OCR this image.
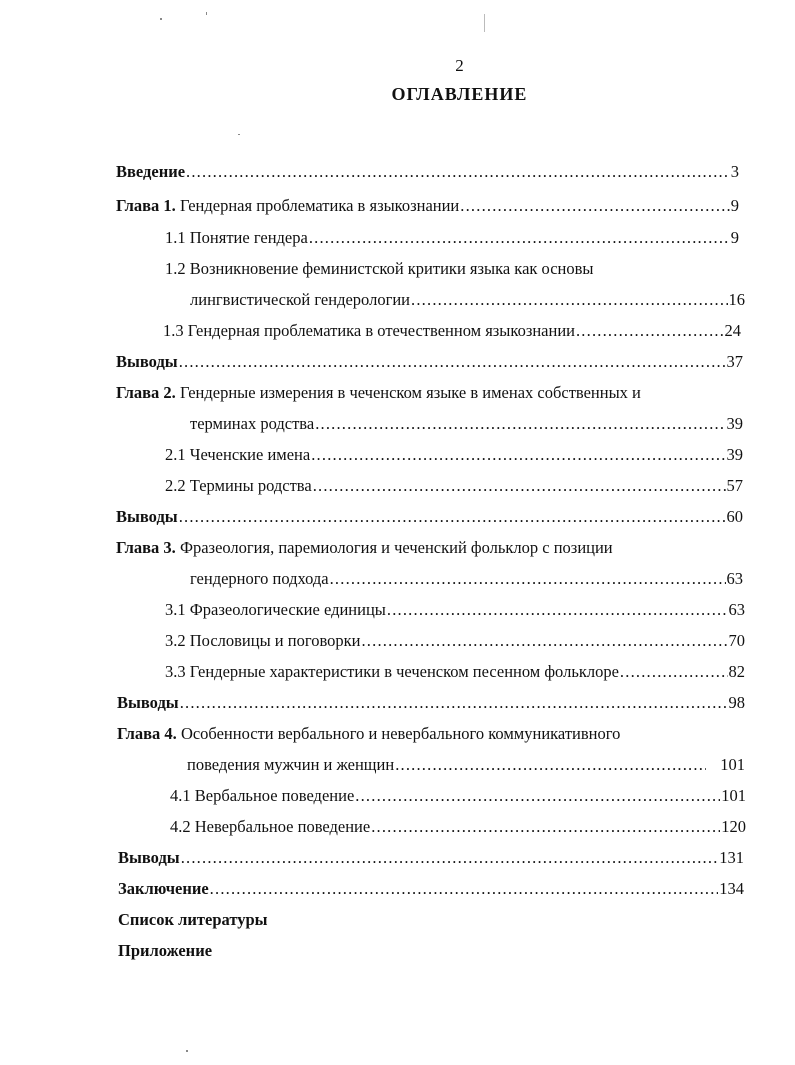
2
ОГЛАВЛЕНИЕ
Введение .....	3
Глава 1. Гендерная проблематика в языкознании .....	9
1.1 Понятие гендера .....	9
1.2 Возникновение феминистской критики языка как основы
лингвистической гендерологии .....	16
1.3 Гендерная проблематика в отечественном языкознании .....	24
Выводы .....	37
Глава 2. Гендерные измерения в чеченском языке в именах собственных и
терминах родства .....	39
2.1 Чеченские имена .....	39
2.2 Термины родства .....	57
Выводы .....	60
Глава 3. Фразеология, паремиология и чеченский фольклор с позиции
гендерного подхода .....	63
3.1 Фразеологические единицы .....	63
3.2 Пословицы и поговорки .....	70
3.3 Гендерные характеристики в чеченском песенном фольклоре .....	82
Выводы .....	98
Глава 4. Особенности вербального и невербального коммуникативного
поведения мужчин и женщин .....	101
4.1 Вербальное поведение .....	101
4.2 Невербальное поведение .....	120
Выводы .....	131
Заключение .....	134
Список литературы
Приложение
